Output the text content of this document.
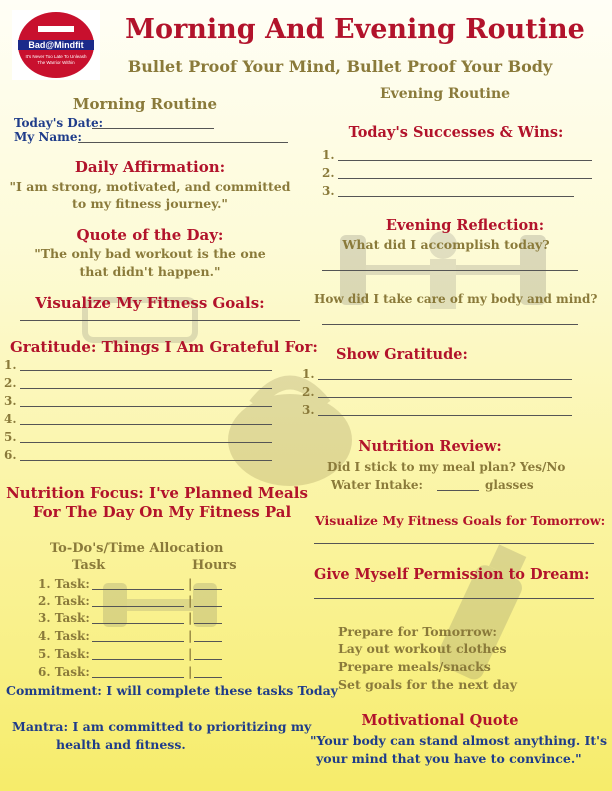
Bad@Mindfit
It's Never Too Late To Unleash The Warrior Within
Morning And Evening Routine
Bullet Proof Your Mind, Bullet Proof Your Body
Morning Routine
Today's Date:
My Name:
Daily Affirmation:
"I am strong, motivated, and committed
to my fitness journey."
Quote of the Day:
"The only bad workout is the one
that didn't happen."
Visualize My Fitness Goals:
Gratitude: Things I Am Grateful For:
1.
2.
3.
4.
5.
6.
Nutrition Focus: I've Planned Meals
For The Day On My Fitness Pal
To-Do's/Time Allocation
Task	Hours
1. Task:	|
2. Task:	|
3. Task:	|
4. Task:	|
5. Task:	|
6. Task:	|
Commitment: I will complete these tasks Today
Mantra: I am committed to prioritizing my
health and fitness.
Evening Routine
Today's Successes & Wins:
1.
2.
3.
Evening Reflection:
What did I accomplish today?
How did I take care of my body and mind?
Show Gratitude:
1.
2.
3.
Nutrition Review:
Did I stick to my meal plan? Yes/No
Water Intake:	glasses
Visualize My Fitness Goals for Tomorrow:
Give Myself Permission to Dream:
Prepare for Tomorrow:
Lay out workout clothes
Prepare meals/snacks
Set goals for the next day
Motivational Quote
"Your body can stand almost anything. It's
your mind that you have to convince."
